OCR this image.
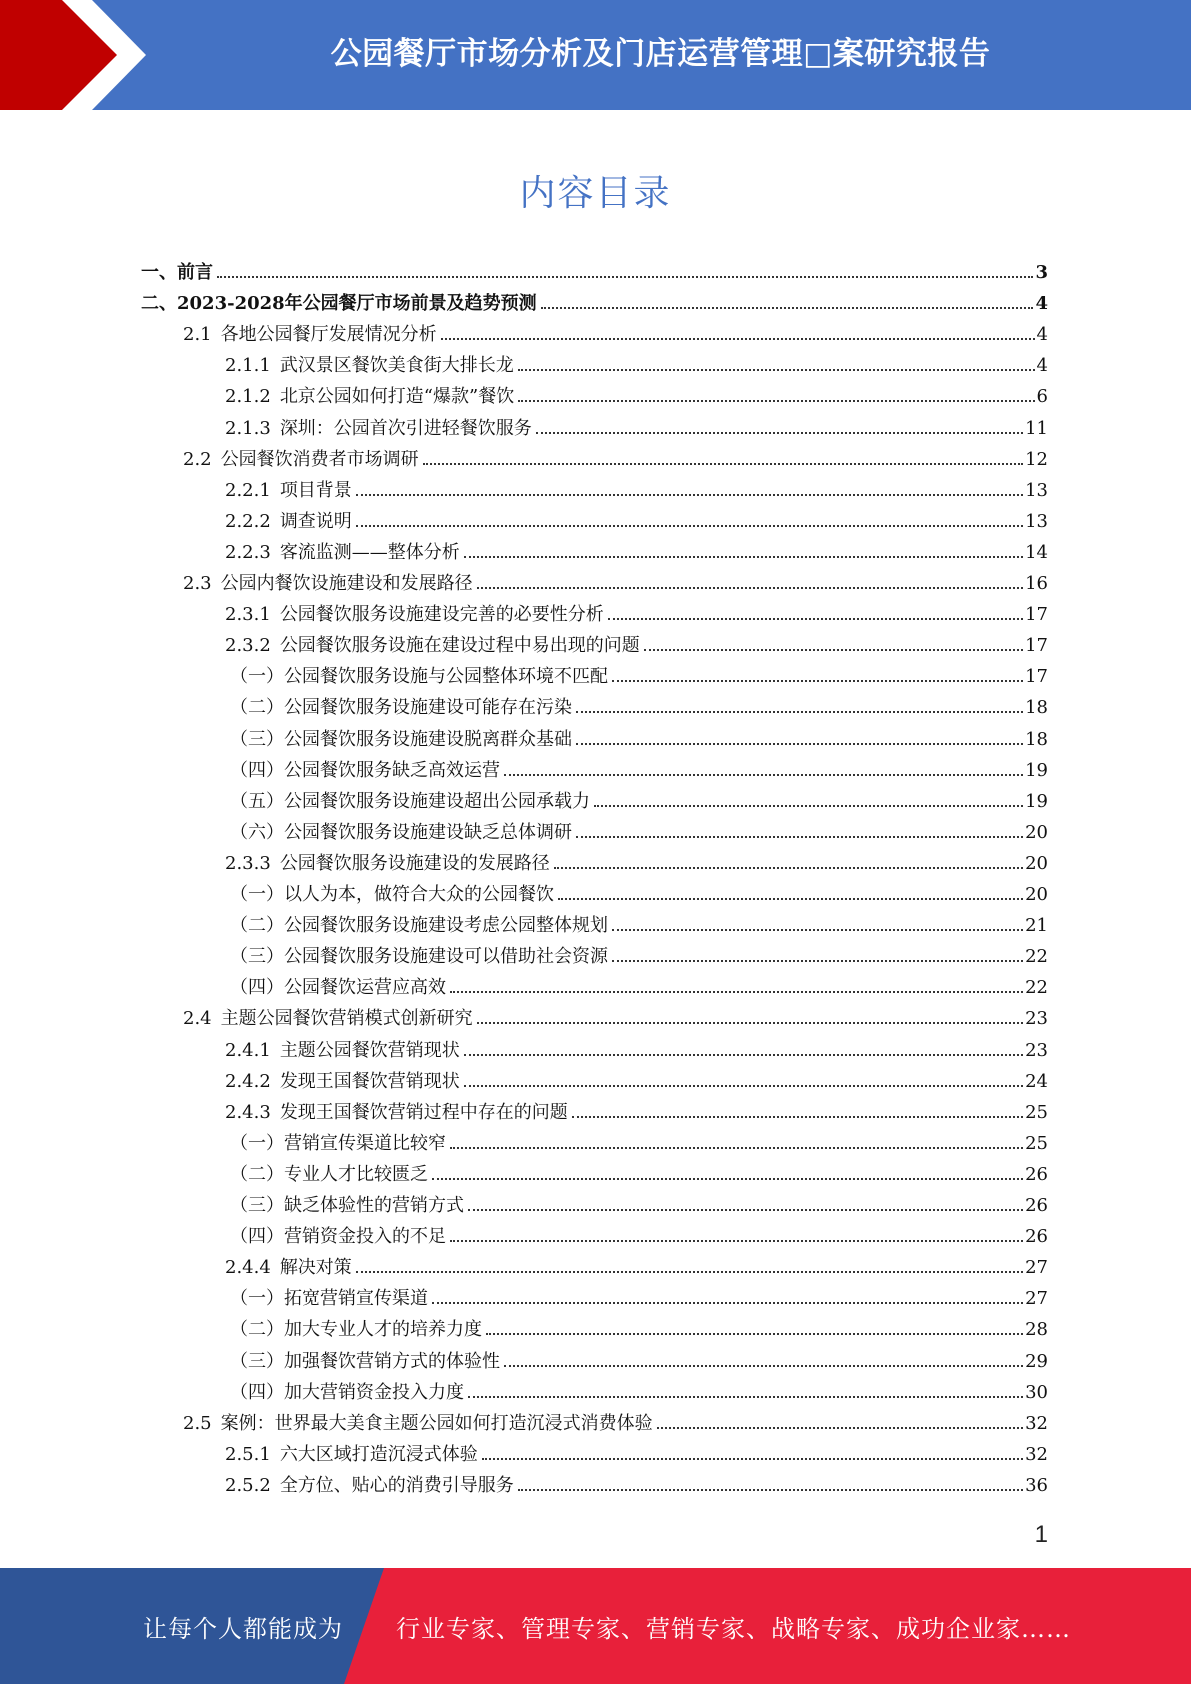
公园餐厅市场分析及门店运营管理□案研究报告
内容目录
一、前言	3
二、2023-2028年公园餐厅市场前景及趋势预测	4
2.1 各地公园餐厅发展情况分析	4
2.1.1 武汉景区餐饮美食街大排长龙	4
2.1.2 北京公园如何打造“爆款”餐饮	6
2.1.3 深圳：公园首次引进轻餐饮服务	11
2.2 公园餐饮消费者市场调研	12
2.2.1 项目背景	13
2.2.2 调查说明	13
2.2.3 客流监测——整体分析	14
2.3 公园内餐饮设施建设和发展路径	16
2.3.1 公园餐饮服务设施建设完善的必要性分析	17
2.3.2 公园餐饮服务设施在建设过程中易出现的问题	17
（一）公园餐饮服务设施与公园整体环境不匹配	17
（二）公园餐饮服务设施建设可能存在污染	18
（三）公园餐饮服务设施建设脱离群众基础	18
（四）公园餐饮服务缺乏高效运营	19
（五）公园餐饮服务设施建设超出公园承载力	19
（六）公园餐饮服务设施建设缺乏总体调研	20
2.3.3 公园餐饮服务设施建设的发展路径	20
（一）以人为本，做符合大众的公园餐饮	20
（二）公园餐饮服务设施建设考虑公园整体规划	21
（三）公园餐饮服务设施建设可以借助社会资源	22
（四）公园餐饮运营应高效	22
2.4 主题公园餐饮营销模式创新研究	23
2.4.1 主题公园餐饮营销现状	23
2.4.2 发现王国餐饮营销现状	24
2.4.3 发现王国餐饮营销过程中存在的问题	25
（一）营销宣传渠道比较窄	25
（二）专业人才比较匮乏	26
（三）缺乏体验性的营销方式	26
（四）营销资金投入的不足	26
2.4.4 解决对策	27
（一）拓宽营销宣传渠道	27
（二）加大专业人才的培养力度	28
（三）加强餐饮营销方式的体验性	29
（四）加大营销资金投入力度	30
2.5 案例：世界最大美食主题公园如何打造沉浸式消费体验	32
2.5.1 六大区域打造沉浸式体验	32
2.5.2 全方位、贴心的消费引导服务	36
1
让每个人都能成为 行业专家、管理专家、营销专家、战略专家、成功企业家……
